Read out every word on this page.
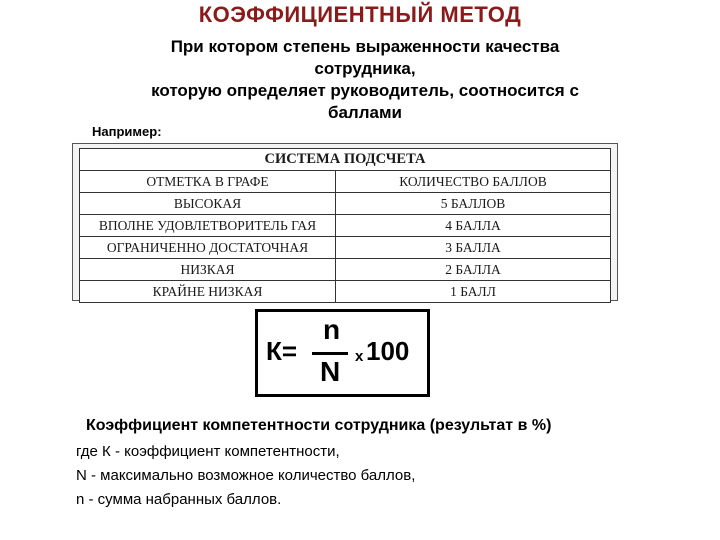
КОЭФФИЦИЕНТНЫЙ МЕТОД
При котором степень выраженности качества
сотрудника,
которую определяет руководитель, соотносится с
баллами
Например:
СИСТЕМА ПОДСЧЕТА	
ОТМЕТКА В ГРАФЕ	КОЛИЧЕСТВО БАЛЛОВ
ВЫСОКАЯ	5 БАЛЛОВ
ВПОЛНЕ УДОВЛЕТВОРИТЕЛЬ ГАЯ	4 БАЛЛА
ОГРАНИЧЕННО ДОСТАТОЧНАЯ	3 БАЛЛА
НИЗКАЯ	2 БАЛЛА
КРАЙНЕ НИЗКАЯ	1 БАЛЛ
К=
n
N х 100
Коэффициент компетентности сотрудника (результат в %)
где К - коэффициент компетентности,
N - максимально возможное количество баллов,
n - сумма набранных баллов.
